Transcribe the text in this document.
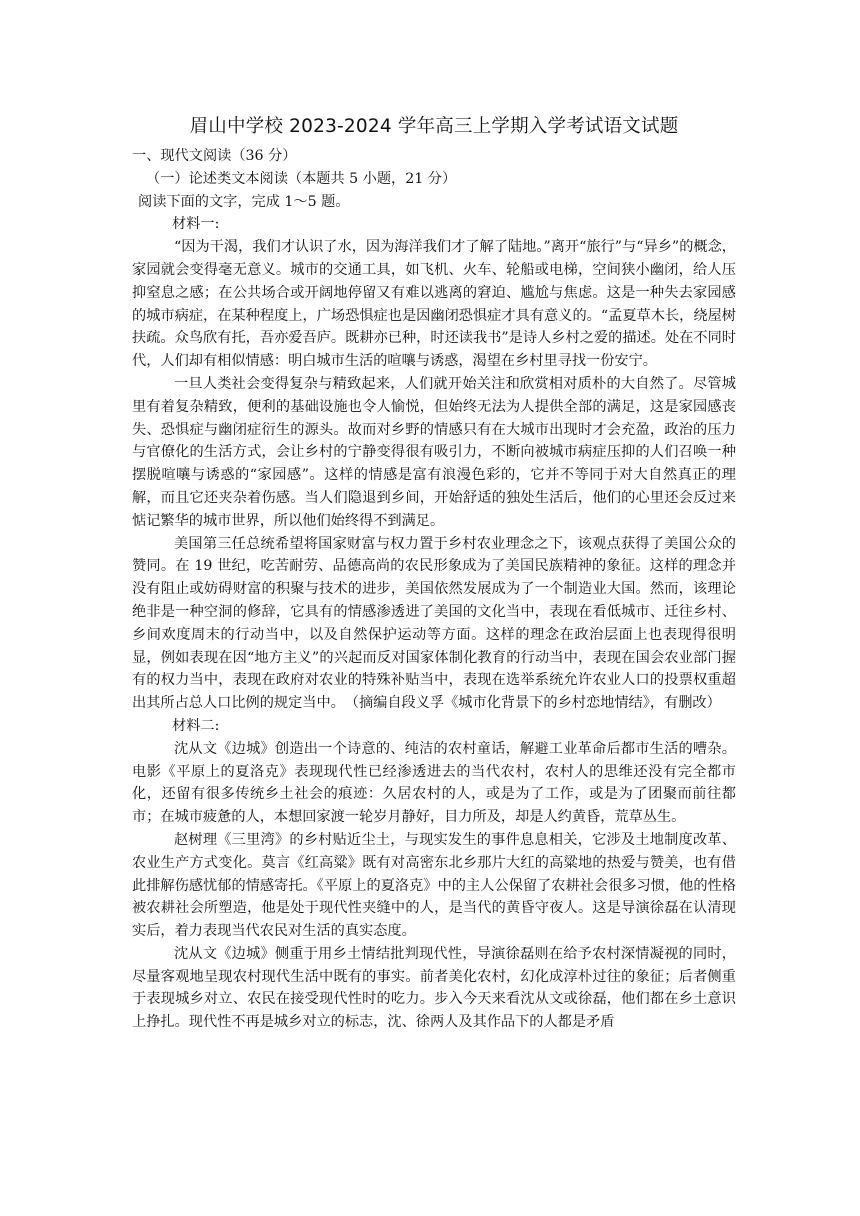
眉山中学校 2023-2024 学年高三上学期入学考试语文试题

一、现代文阅读（36 分）

（一）论述类文本阅读（本题共 5 小题，21 分）

阅读下面的文字，完成 1～5 题。

材料一:

“因为干渴，我们才认识了水，因为海洋我们才了解了陆地。”离开“旅行”与“异乡”的概念，家园就会变得毫无意义。城市的交通工具，如飞机、火车、轮船或电梯，空间狭小幽闭，给人压抑窒息之感；在公共场合或开阔地停留又有难以逃离的窘迫、尴尬与焦虑。这是一种失去家园感的城市病症，在某种程度上，广场恐惧症也是因幽闭恐惧症才具有意义的。“孟夏草木长，绕屋树扶疏。众鸟欣有托，吾亦爱吾庐。既耕亦已种，时还读我书”是诗人乡村之爱的描述。处在不同时代，人们却有相似情感：明白城市生活的喧嚷与诱惑，渴望在乡村里寻找一份安宁。

一旦人类社会变得复杂与精致起来，人们就开始关注和欣赏相对质朴的大自然了。尽管城里有着复杂精致，便利的基础设施也令人愉悦，但始终无法为人提供全部的满足，这是家园感丧失、恐惧症与幽闭症衍生的源头。故而对乡野的情感只有在大城市出现时才会充盈，政治的压力与官僚化的生活方式，会让乡村的宁静变得很有吸引力，不断向被城市病症压抑的人们召唤一种摆脱喧嚷与诱惑的“家园感”。这样的情感是富有浪漫色彩的，它并不等同于对大自然真正的理解，而且它还夹杂着伤感。当人们隐退到乡间，开始舒适的独处生活后，他们的心里还会反过来惦记繁华的城市世界，所以他们始终得不到满足。

美国第三任总统希望将国家财富与权力置于乡村农业理念之下，该观点获得了美国公众的赞同。在 19 世纪，吃苦耐劳、品德高尚的农民形象成为了美国民族精神的象征。这样的理念并没有阻止或妨碍财富的积聚与技术的进步，美国依然发展成为了一个制造业大国。然而，该理论绝非是一种空洞的修辞，它具有的情感渗透进了美国的文化当中，表现在看低城市、迁往乡村、乡间欢度周末的行动当中，以及自然保护运动等方面。这样的理念在政治层面上也表现得很明显，例如表现在因“地方主义”的兴起而反对国家体制化教育的行动当中，表现在国会农业部门握有的权力当中，表现在政府对农业的特殊补贴当中，表现在选举系统允许农业人口的投票权重超出其所占总人口比例的规定当中。　（摘编自段义孚《城市化背景下的乡村恋地情结》，有删改）

材料二:

沈从文《边城》创造出一个诗意的、纯洁的农村童话，解避工业革命后都市生活的嘈杂。电影《平原上的夏洛克》表现现代性已经渗透进去的当代农村，农村人的思维还没有完全都市化，还留有很多传统乡土社会的痕迹：久居农村的人，或是为了工作，或是为了团聚而前往都市；在城市疲惫的人，本想回家渡一轮岁月静好，目力所及，却是人约黄昏，荒草丛生。

赵树理《三里湾》的乡村贴近尘土，与现实发生的事件息息相关，它涉及土地制度改革、农业生产方式变化。莫言《红高粱》既有对高密东北乡那片大红的高粱地的热爱与赞美，也有借此排解伤感忧郁的情感寄托。《平原上的夏洛克》中的主人公保留了农耕社会很多习惯，他的性格被农耕社会所塑造，他是处于现代性夹缝中的人，是当代的黄昏守夜人。这是导演徐磊在认清现实后，着力表现当代农民对生活的真实态度。

沈从文《边城》侧重于用乡土情结批判现代性，导演徐磊则在给予农村深情凝视的同时，尽量客观地呈现农村现代生活中既有的事实。前者美化农村，幻化成淳朴过往的象征；后者侧重于表现城乡对立、农民在接受现代性时的吃力。步入今天来看沈从文或徐磊，他们都在乡土意识上挣扎。现代性不再是城乡对立的标志，沈、徐两人及其作品下的人都是矛盾
